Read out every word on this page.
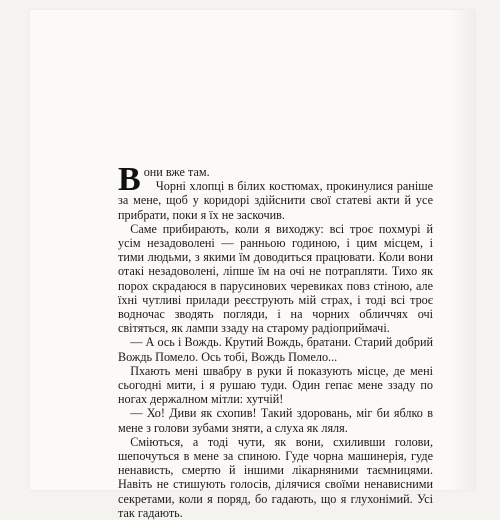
Вони вже там.

Чорні хлопці в білих костюмах, прокинулися раніше за мене, щоб у коридорі здійснити свої статеві акти й усе прибрати, поки я їх не заскочив.

Саме прибирають, коли я виходжу: всі троє похмурі й усім незадоволені — ранньою годиною, і цим місцем, і тими людьми, з якими їм доводиться працювати. Коли вони отакі незадоволені, ліпше їм на очі не потрапляти. Тихо як порох скрадаюся в парусинових черевиках повз стіною, але їхні чутливі прилади реєструють мій страх, і тоді всі троє водночас зводять погляди, і на чорних обличчях очі світяться, як лампи ззаду на старому радіоприймачі.

— А ось і Вождь. Крутий Вождь, братани. Старий добрий Вождь Помело. Ось тобі, Вождь Помело...

Пхають мені швабру в руки й показують місце, де мені сьогодні мити, і я рушаю туди. Один гепає мене ззаду по ногах держалном мітли: хутчій!

— Хо! Диви як схопив! Такий здоровань, міг би яблко в мене з голови зубами зняти, а слуха як ляля.

Сміються, а тоді чути, як вони, схиливши голови, шепочуться в мене за спиною. Гуде чорна машинерія, гуде ненависть, смертю й іншими лікарняними таємницями. Навіть не стишують голосів, ділячися своїми ненависними секретами, коли я поряд, бо гадають, що я глухонімий. Усі так гадають.
